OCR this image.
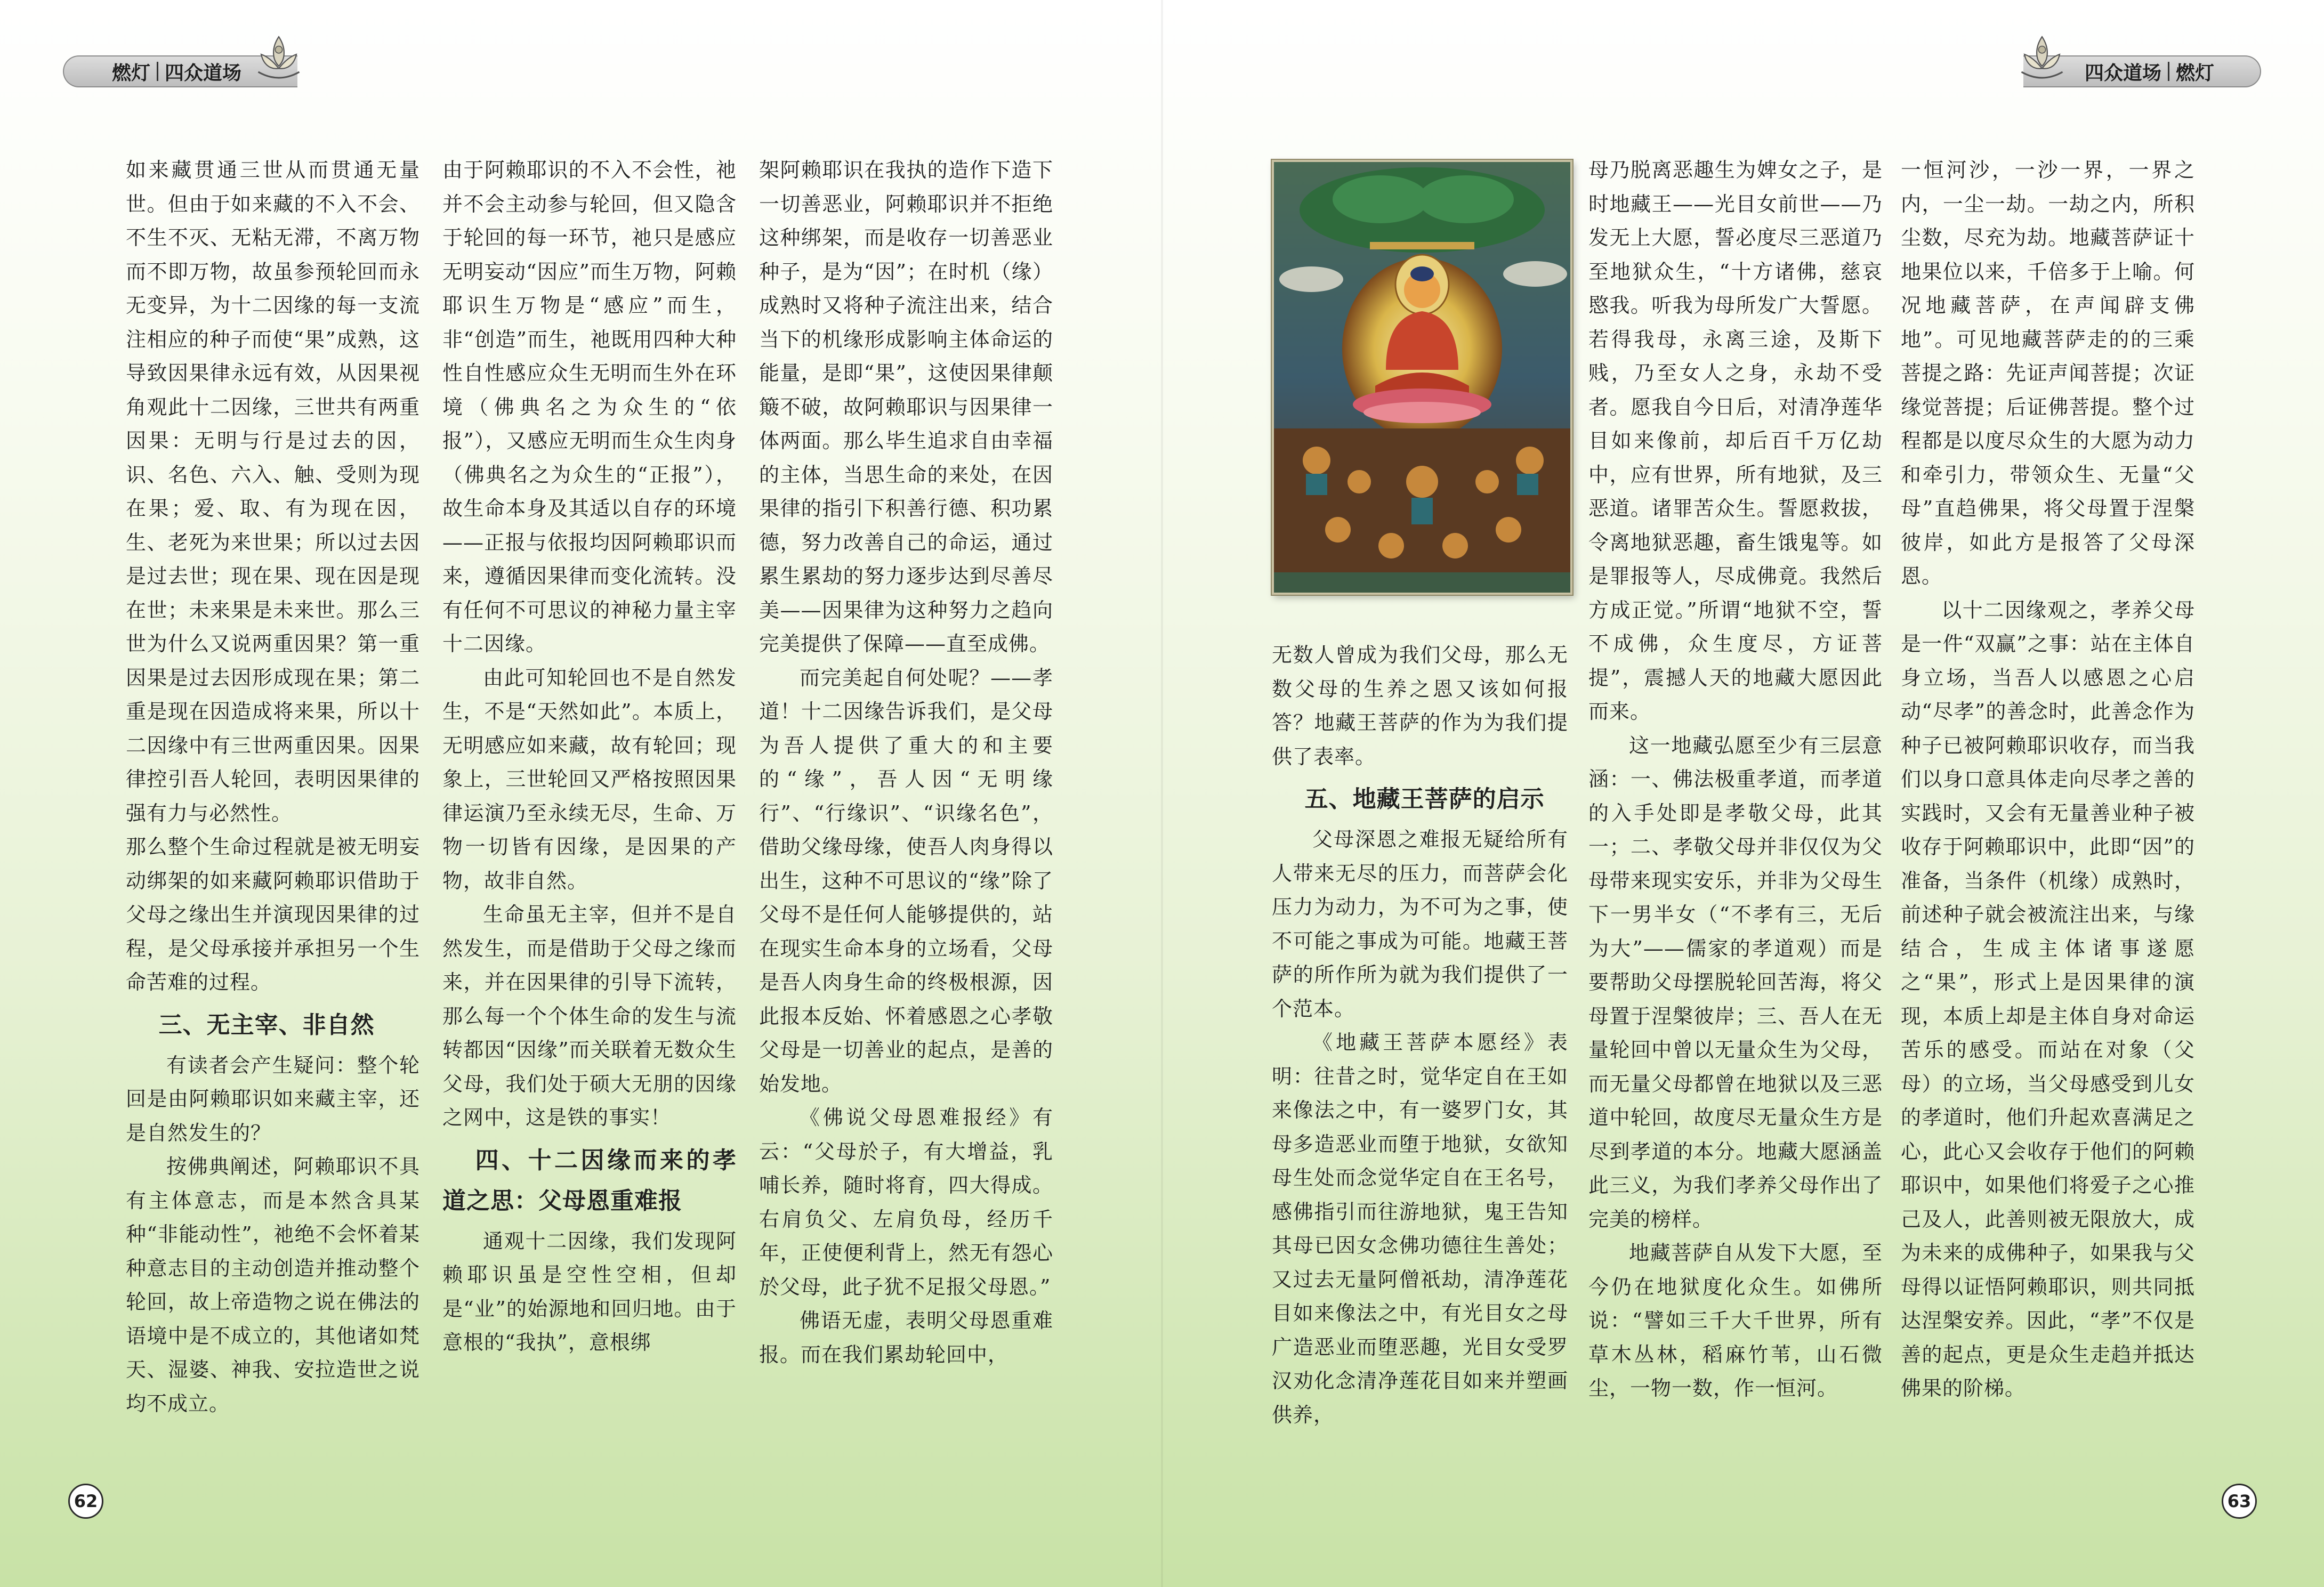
燃灯 四众道场	四众道场 燃灯

如来藏贯通三世从而贯通无量世。但由于如来藏的不入不会、不生不灭、无粘无滞，不离万物而不即万物，故虽参预轮回而永无变异，为十二因缘的每一支流注相应的种子而使“果”成熟，这导致因果律永远有效，从因果视角观此十二因缘，三世共有两重因果：无明与行是过去的因，识、名色、六入、触、受则为现在果；爱、取、有为现在因，生、老死为来世果；所以过去因是过去世；现在果、现在因是现在世；未来果是未来世。那么三世为什么又说两重因果？第一重因果是过去因形成现在果；第二重是现在因造成将来果，所以十二因缘中有三世两重因果。因果律控引吾人轮回，表明因果律的强有力与必然性。

那么整个生命过程就是被无明妄动绑架的如来藏阿赖耶识借助于父母之缘出生并演现因果律的过程，是父母承接并承担另一个生命苦难的过程。

三、无主宰、非自然

有读者会产生疑问：整个轮回是由阿赖耶识如来藏主宰，还是自然发生的？

按佛典阐述，阿赖耶识不具有主体意志，而是本然含具某种“非能动性”，祂绝不会怀着某种意志目的主动创造并推动整个轮回，故上帝造物之说在佛法的语境中是不成立的，其他诸如梵天、湿婆、神我、安拉造世之说均不成立。

由于阿赖耶识的不入不会性，祂并不会主动参与轮回，但又隐含于轮回的每一环节，祂只是感应无明妄动“因应”而生万物，阿赖耶识生万物是“感应”而生，非“创造”而生，祂既用四种大种性自性感应众生无明而生外在环境（佛典名之为众生的“依报”），又感应无明而生众生肉身（佛典名之为众生的“正报”），故生命本身及其适以自存的环境——正报与依报均因阿赖耶识而来，遵循因果律而变化流转。没有任何不可思议的神秘力量主宰十二因缘。

由此可知轮回也不是自然发生，不是“天然如此”。本质上，无明感应如来藏，故有轮回；现象上，三世轮回又严格按照因果律运演乃至永续无尽，生命、万物一切皆有因缘，是因果的产物，故非自然。

生命虽无主宰，但并不是自然发生，而是借助于父母之缘而来，并在因果律的引导下流转，那么每一个个体生命的发生与流转都因“因缘”而关联着无数众生父母，我们处于硕大无朋的因缘之网中，这是铁的事实！

四、十二因缘而来的孝道之思：父母恩重难报

通观十二因缘，我们发现阿赖耶识虽是空性空相，但却是“业”的始源地和回归地。由于意根的“我执”，意根绑

架阿赖耶识在我执的造作下造下一切善恶业，阿赖耶识并不拒绝这种绑架，而是收存一切善恶业种子，是为“因”；在时机（缘）成熟时又将种子流注出来，结合当下的机缘形成影响主体命运的能量，是即“果”，这使因果律颠簸不破，故阿赖耶识与因果律一体两面。那么毕生追求自由幸福的主体，当思生命的来处，在因果律的指引下积善行德、积功累德，努力改善自己的命运，通过累生累劫的努力逐步达到尽善尽美——因果律为这种努力之趋向完美提供了保障——直至成佛。

而完美起自何处呢？——孝道！十二因缘告诉我们，是父母为吾人提供了重大的和主要的“缘”，吾人因“无明缘行”、“行缘识”、“识缘名色”，借助父缘母缘，使吾人肉身得以出生，这种不可思议的“缘”除了父母不是任何人能够提供的，站在现实生命本身的立场看，父母是吾人肉身生命的终极根源，因此报本反始、怀着感恩之心孝敬父母是一切善业的起点，是善的始发地。

《佛说父母恩难报经》有云：“父母於子，有大增益，乳哺长养，随时将育，四大得成。右肩负父、左肩负母，经历千年，正使便利背上，然无有怨心於父母，此子犹不足报父母恩。”

佛语无虚，表明父母恩重难报。而在我们累劫轮回中，

无数人曾成为我们父母，那么无数父母的生养之恩又该如何报答？地藏王菩萨的作为为我们提供了表率。

五、地藏王菩萨的启示

父母深恩之难报无疑给所有人带来无尽的压力，而菩萨会化压力为动力，为不可为之事，使不可能之事成为可能。地藏王菩萨的所作所为就为我们提供了一个范本。

《地藏王菩萨本愿经》表明：往昔之时，觉华定自在王如来像法之中，有一婆罗门女，其母多造恶业而堕于地狱，女欲知母生处而念觉华定自在王名号，感佛指引而往游地狱，鬼王告知其母已因女念佛功德往生善处；又过去无量阿僧祇劫，清净莲花目如来像法之中，有光目女之母广造恶业而堕恶趣，光目女受罗汉劝化念清净莲花目如来并塑画供养，

母乃脱离恶趣生为婢女之子，是时地藏王——光目女前世——乃发无上大愿，誓必度尽三恶道乃至地狱众生，“十方诸佛，慈哀愍我。听我为母所发广大誓愿。若得我母，永离三途，及斯下贱，乃至女人之身，永劫不受者。愿我自今日后，对清净莲华目如来像前，却后百千万亿劫中，应有世界，所有地狱，及三恶道。诸罪苦众生。誓愿救拔，令离地狱恶趣，畜生饿鬼等。如是罪报等人，尽成佛竟。我然后方成正觉。”所谓“地狱不空，誓不成佛，众生度尽，方证菩提”，震撼人天的地藏大愿因此而来。

这一地藏弘愿至少有三层意涵：一、佛法极重孝道，而孝道的入手处即是孝敬父母，此其一；二、孝敬父母并非仅仅为父母带来现实安乐，并非为父母生下一男半女（“不孝有三，无后为大”——儒家的孝道观）而是要帮助父母摆脱轮回苦海，将父母置于涅槃彼岸；三、吾人在无量轮回中曾以无量众生为父母，而无量父母都曾在地狱以及三恶道中轮回，故度尽无量众生方是尽到孝道的本分。地藏大愿涵盖此三义，为我们孝养父母作出了完美的榜样。

地藏菩萨自从发下大愿，至今仍在地狱度化众生。如佛所说：“譬如三千大千世界，所有草木丛林，稻麻竹苇，山石微尘，一物一数，作一恒河。

一恒河沙，一沙一界，一界之内，一尘一劫。一劫之内，所积尘数，尽充为劫。地藏菩萨证十地果位以来，千倍多于上喻。何况地藏菩萨，在声闻辟支佛地”。可见地藏菩萨走的的三乘菩提之路：先证声闻菩提；次证缘觉菩提；后证佛菩提。整个过程都是以度尽众生的大愿为动力和牵引力，带领众生、无量“父母”直趋佛果，将父母置于涅槃彼岸，如此方是报答了父母深恩。

以十二因缘观之，孝养父母是一件“双赢”之事：站在主体自身立场，当吾人以感恩之心启动“尽孝”的善念时，此善念作为种子已被阿赖耶识收存，而当我们以身口意具体走向尽孝之善的实践时，又会有无量善业种子被收存于阿赖耶识中，此即“因”的准备，当条件（机缘）成熟时，前述种子就会被流注出来，与缘结合，生成主体诸事遂愿之“果”，形式上是因果律的演现，本质上却是主体自身对命运苦乐的感受。而站在对象（父母）的立场，当父母感受到儿女的孝道时，他们升起欢喜满足之心，此心又会收存于他们的阿赖耶识中，如果他们将爱子之心推己及人，此善则被无限放大，成为未来的成佛种子，如果我与父母得以证悟阿赖耶识，则共同抵达涅槃安养。因此，“孝”不仅是善的起点，更是众生走趋并抵达佛果的阶梯。

62	63
